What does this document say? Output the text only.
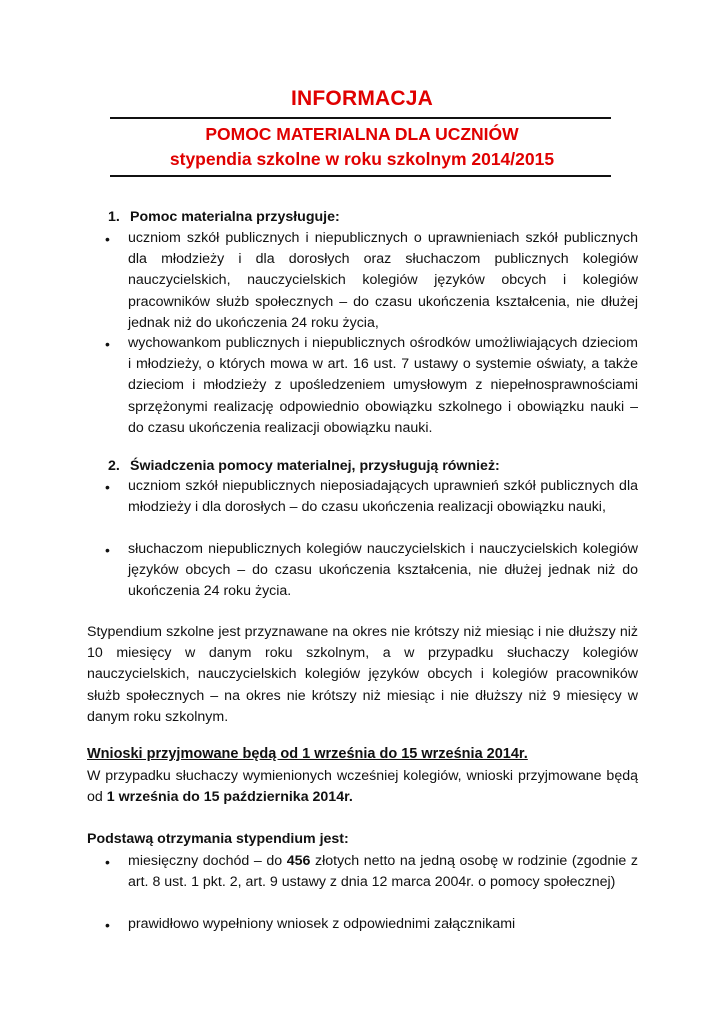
INFORMACJA
POMOC MATERIALNA DLA UCZNIÓW
stypendia szkolne w roku szkolnym 2014/2015
1. Pomoc materialna przysługuje:
• uczniom szkół publicznych i niepublicznych o uprawnieniach szkół publicznych dla młodzieży i dla dorosłych oraz słuchaczom publicznych kolegiów nauczycielskich, nauczycielskich kolegiów języków obcych i kolegiów pracowników służb społecznych – do czasu ukończenia kształcenia, nie dłużej jednak niż do ukończenia 24 roku życia,
• wychowankom publicznych i niepublicznych ośrodków umożliwiających dzieciom i młodzieży, o których mowa w art. 16 ust. 7 ustawy o systemie oświaty, a także dzieciom i młodzieży z upośledzeniem umysłowym z niepełnosprawnościami sprzężonymi realizację odpowiednio obowiązku szkolnego i obowiązku nauki – do czasu ukończenia realizacji obowiązku nauki.
2. Świadczenia pomocy materialnej, przysługują również:
• uczniom szkół niepublicznych nieposiadających uprawnień szkół publicznych dla młodzieży i dla dorosłych – do czasu ukończenia realizacji obowiązku nauki,
• słuchaczom niepublicznych kolegiów nauczycielskich i nauczycielskich kolegiów języków obcych – do czasu ukończenia kształcenia, nie dłużej jednak niż do ukończenia 24 roku życia.
Stypendium szkolne jest przyznawane na okres nie krótszy niż miesiąc i nie dłuższy niż 10 miesięcy w danym roku szkolnym, a w przypadku słuchaczy kolegiów nauczycielskich, nauczycielskich kolegiów języków obcych i kolegiów pracowników służb społecznych – na okres nie krótszy niż miesiąc i nie dłuższy niż 9 miesięcy w danym roku szkolnym.
Wnioski przyjmowane będą od 1 września do 15 września 2014r.
W przypadku słuchaczy wymienionych wcześniej kolegiów, wnioski przyjmowane będą od 1 września do 15 października 2014r.
Podstawą otrzymania stypendium jest:
• miesięczny dochód – do 456 złotych netto na jedną osobę w rodzinie (zgodnie z art. 8 ust. 1 pkt. 2, art. 9 ustawy z dnia 12 marca 2004r. o pomocy społecznej)
• prawidłowo wypełniony wniosek z odpowiednimi załącznikami
